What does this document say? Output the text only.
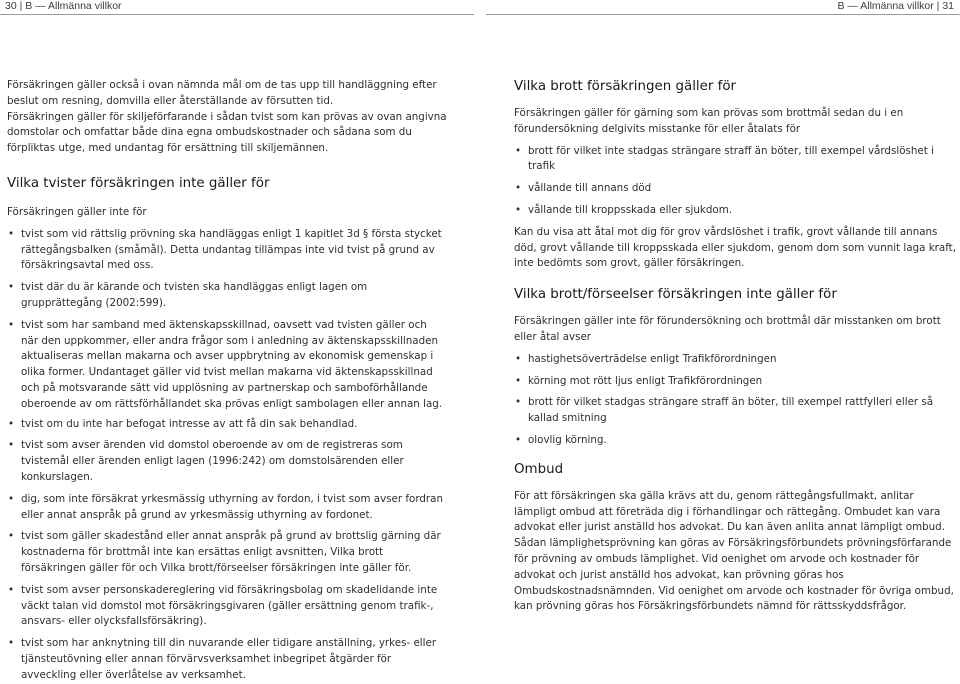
30 | B — Allmänna villkor	B — Allmänna villkor | 31

Försäkringen gäller också i ovan nämnda mål om de tas upp till handläggning efter beslut om resning, domvilla eller återställande av försutten tid.

Försäkringen gäller för skiljeförfarande i sådan tvist som kan prövas av ovan angivna domstolar och omfattar både dina egna ombudskostnader och sådana som du förpliktas utge, med undantag för ersättning till skiljemännen.

Vilka tvister försäkringen inte gäller för

Försäkringen gäller inte för

• tvist som vid rättslig prövning ska handläggas enligt 1 kapitlet 3d § första stycket rättegångsbalken (småmål). Detta undantag tillämpas inte vid tvist på grund av försäkringsavtal med oss.
• tvist där du är kärande och tvisten ska handläggas enligt lagen om grupprättegång (2002:599).
• tvist som har samband med äktenskapsskillnad, oavsett vad tvisten gäller och när den uppkommer, eller andra frågor som i anledning av äktenskapsskillnaden aktualiseras mellan makarna och avser uppbrytning av ekonomisk gemenskap i olika former. Undantaget gäller vid tvist mellan makarna vid äktenskapsskillnad och på motsvarande sätt vid upplösning av partnerskap och samboförhållande oberoende av om rättsförhållandet ska prövas enligt sambolagen eller annan lag.
• tvist om du inte har befogat intresse av att få din sak behandlad.
• tvist som avser ärenden vid domstol oberoende av om de registreras som tvistemål eller ärenden enligt lagen (1996:242) om domstolsärenden eller konkurslagen.
• dig, som inte försäkrat yrkesmässig uthyrning av fordon, i tvist som avser fordran eller annat anspråk på grund av yrkesmässig uthyrning av fordonet.
• tvist som gäller skadestånd eller annat anspråk på grund av brottslig gärning där kostnaderna för brottmål inte kan ersättas enligt avsnitten, Vilka brott försäkringen gäller för och Vilka brott/förseelser försäkringen inte gäller för.
• tvist som avser personskadereglering vid försäkringsbolag om skadelidande inte väckt talan vid domstol mot försäkringsgivaren (gäller ersättning genom trafik-, ansvars- eller olycksfallsförsäkring).
• tvist som har anknytning till din nuvarande eller tidigare anställning, yrkes- eller tjänsteutövning eller annan förvärvsverksamhet inbegripet åtgärder för avveckling eller överlåtelse av verksamhet.
Vilka brott försäkringen gäller för

Försäkringen gäller för gärning som kan prövas som brottmål sedan du i en förundersökning delgivits misstanke för eller åtalats för

• brott för vilket inte stadgas strängare straff än böter, till exempel vårdslöshet i trafik
• vållande till annans död
• vållande till kroppsskada eller sjukdom.

Kan du visa att åtal mot dig för grov vårdslöshet i trafik, grovt vållande till annans död, grovt vållande till kroppsskada eller sjukdom, genom dom som vunnit laga kraft, inte bedömts som grovt, gäller försäkringen.

Vilka brott/förseelser försäkringen inte gäller för

Försäkringen gäller inte för förundersökning och brottmål där misstanken om brott eller åtal avser

• hastighetsöverträdelse enligt Trafikförordningen
• körning mot rött ljus enligt Trafikförordningen
• brott för vilket stadgas strängare straff än böter, till exempel rattfylleri eller så kallad smitning
• olovlig körning.
Ombud

För att försäkringen ska gälla krävs att du, genom rättegångsfullmakt, anlitar lämpligt ombud att företräda dig i förhandlingar och rättegång. Ombudet kan vara advokat eller jurist anställd hos advokat. Du kan även anlita annat lämpligt ombud. Sådan lämplighetsprövning kan göras av Försäkringsförbundets prövningsförfarande för prövning av ombuds lämplighet. Vid oenighet om arvode och kostnader för advokat och jurist anställd hos advokat, kan prövning göras hos Ombudskostnadsnämnden. Vid oenighet om arvode och kostnader för övriga ombud, kan prövning göras hos Försäkringsförbundets nämnd för rättsskyddsfrågor.
